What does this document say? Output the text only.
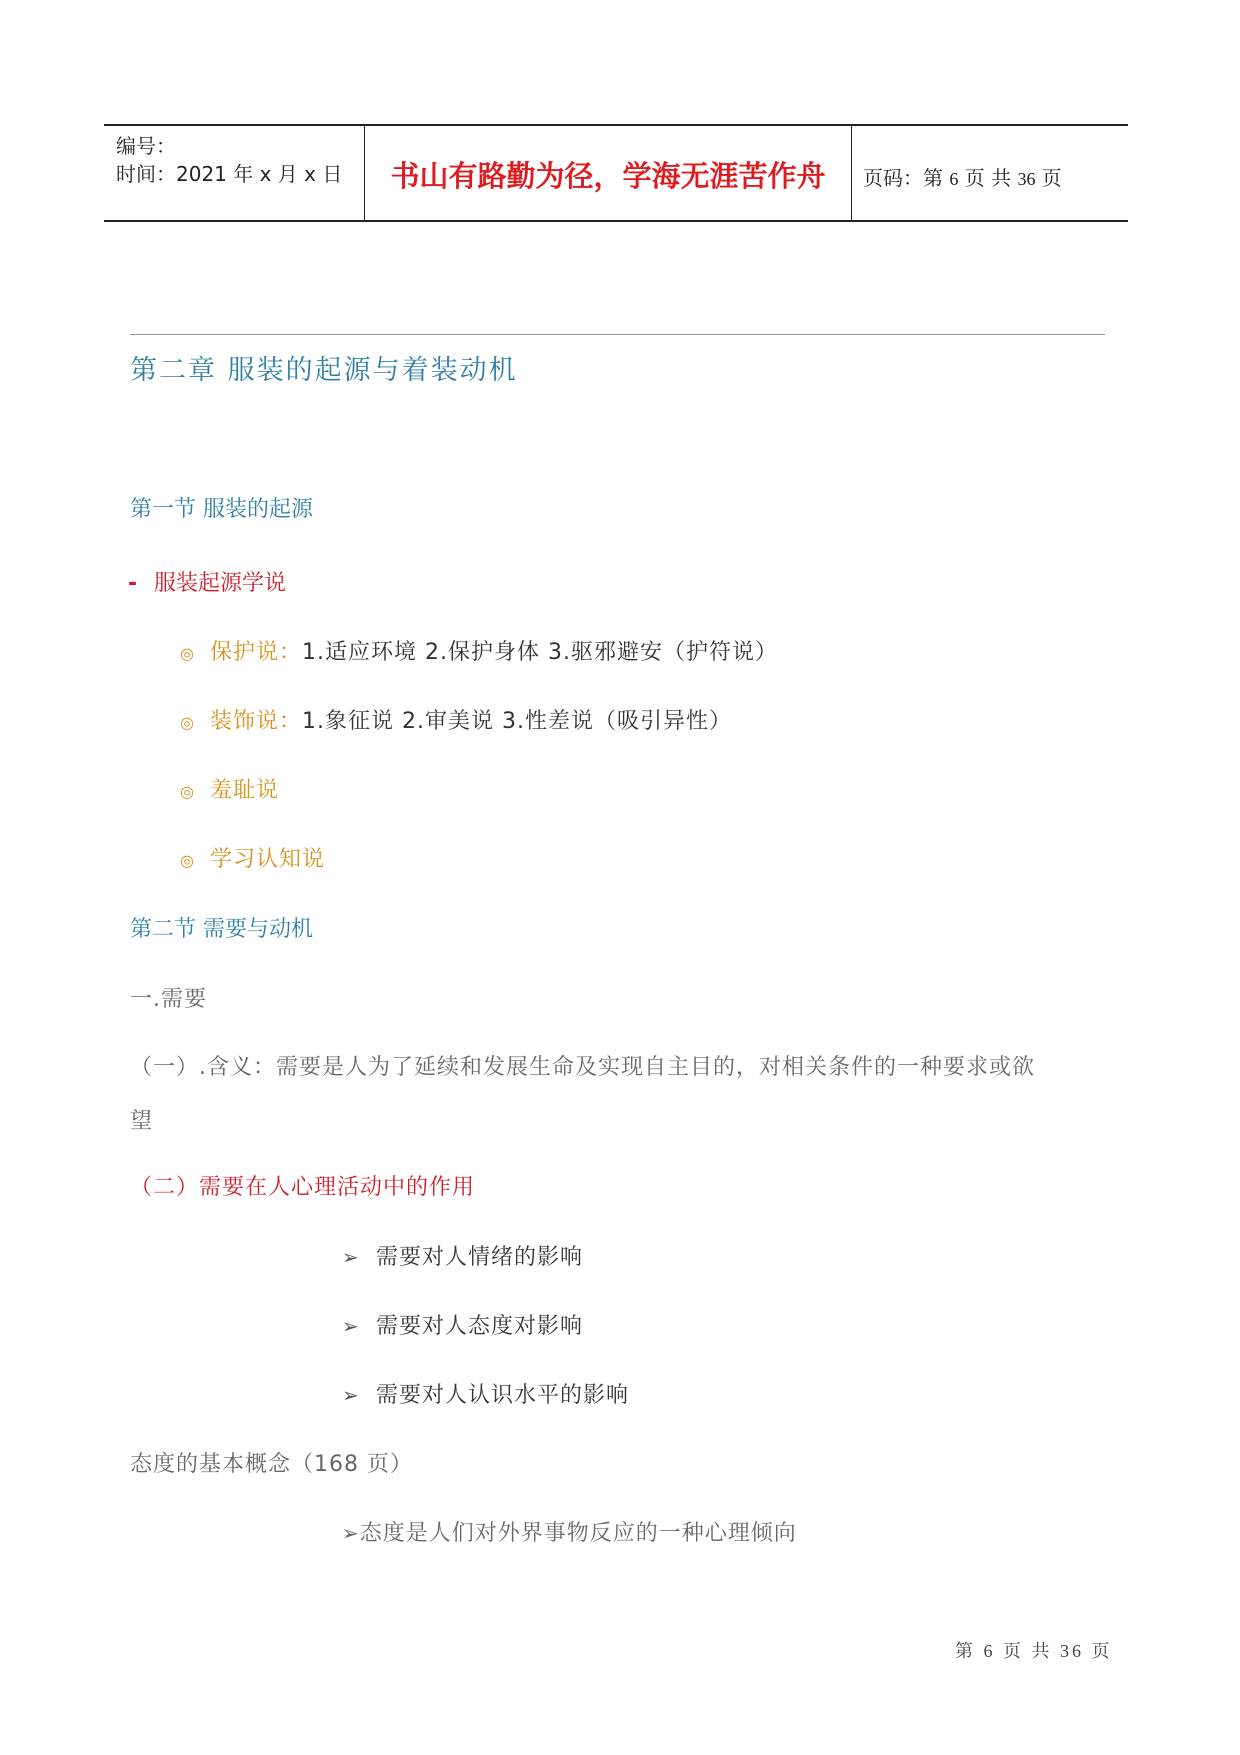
编号：
时间：2021 年 x 月 x 日	书山有路勤为径，学海无涯苦作舟	页码：第 6 页 共 36 页
第二章 服装的起源与着装动机
第一节 服装的起源
- 服装起源学说
◎ 保护说：1.适应环境 2.保护身体 3.驱邪避安（护符说）
◎ 装饰说：1.象征说 2.审美说 3.性差说（吸引异性）
◎ 羞耻说
◎ 学习认知说
第二节 需要与动机
一.需要
（一）.含义：需要是人为了延续和发展生命及实现自主目的，对相关条件的一种要求或欲
望
（二）需要在人心理活动中的作用
➢ 需要对人情绪的影响
➢ 需要对人态度对影响
➢ 需要对人认识水平的影响
态度的基本概念（168 页）
➢态度是人们对外界事物反应的一种心理倾向
第 6 页 共 36 页
